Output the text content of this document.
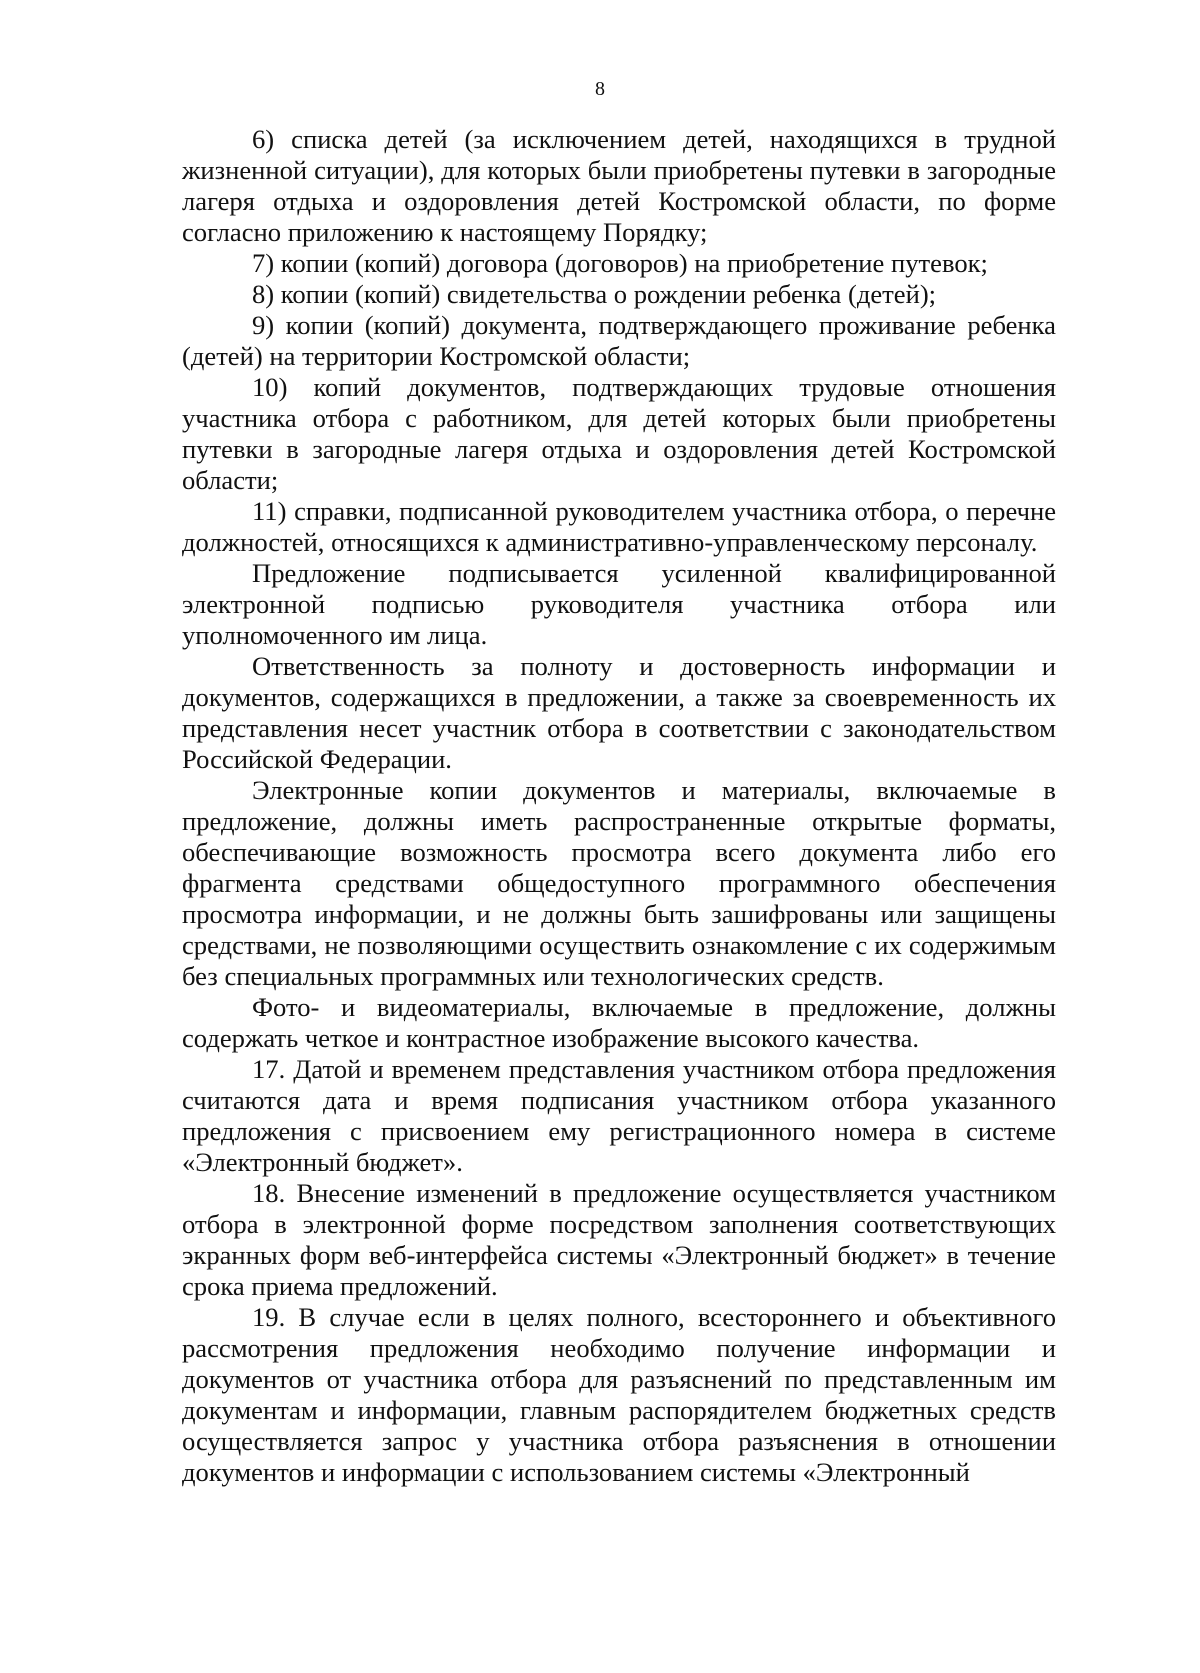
8

6) списка детей (за исключением детей, находящихся в трудной жизненной ситуации), для которых были приобретены путевки в загородные лагеря отдыха и оздоровления детей Костромской области, по форме согласно приложению к настоящему Порядку;

7) копии (копий) договора (договоров) на приобретение путевок;

8) копии (копий) свидетельства о рождении ребенка (детей);

9) копии (копий) документа, подтверждающего проживание ребенка (детей) на территории Костромской области;

10) копий документов, подтверждающих трудовые отношения участника отбора с работником, для детей которых были приобретены путевки в загородные лагеря отдыха и оздоровления детей Костромской области;

11) справки, подписанной руководителем участника отбора, о перечне должностей, относящихся к административно-управленческому персоналу.

Предложение подписывается усиленной квалифицированной электронной подписью руководителя участника отбора или уполномоченного им лица.

Ответственность за полноту и достоверность информации и документов, содержащихся в предложении, а также за своевременность их представления несет участник отбора в соответствии с законодательством Российской Федерации.

Электронные копии документов и материалы, включаемые в предложение, должны иметь распространенные открытые форматы, обеспечивающие возможность просмотра всего документа либо его фрагмента средствами общедоступного программного обеспечения просмотра информации, и не должны быть зашифрованы или защищены средствами, не позволяющими осуществить ознакомление с их содержимым без специальных программных или технологических средств.

Фото- и видеоматериалы, включаемые в предложение, должны содержать четкое и контрастное изображение высокого качества.

17. Датой и временем представления участником отбора предложения считаются дата и время подписания участником отбора указанного предложения с присвоением ему регистрационного номера в системе «Электронный бюджет».

18. Внесение изменений в предложение осуществляется участником отбора в электронной форме посредством заполнения соответствующих экранных форм веб-интерфейса системы «Электронный бюджет» в течение срока приема предложений.

19. В случае если в целях полного, всестороннего и объективного рассмотрения предложения необходимо получение информации и документов от участника отбора для разъяснений по представленным им документам и информации, главным распорядителем бюджетных средств осуществляется запрос у участника отбора разъяснения в отношении документов и информации с использованием системы «Электронный
